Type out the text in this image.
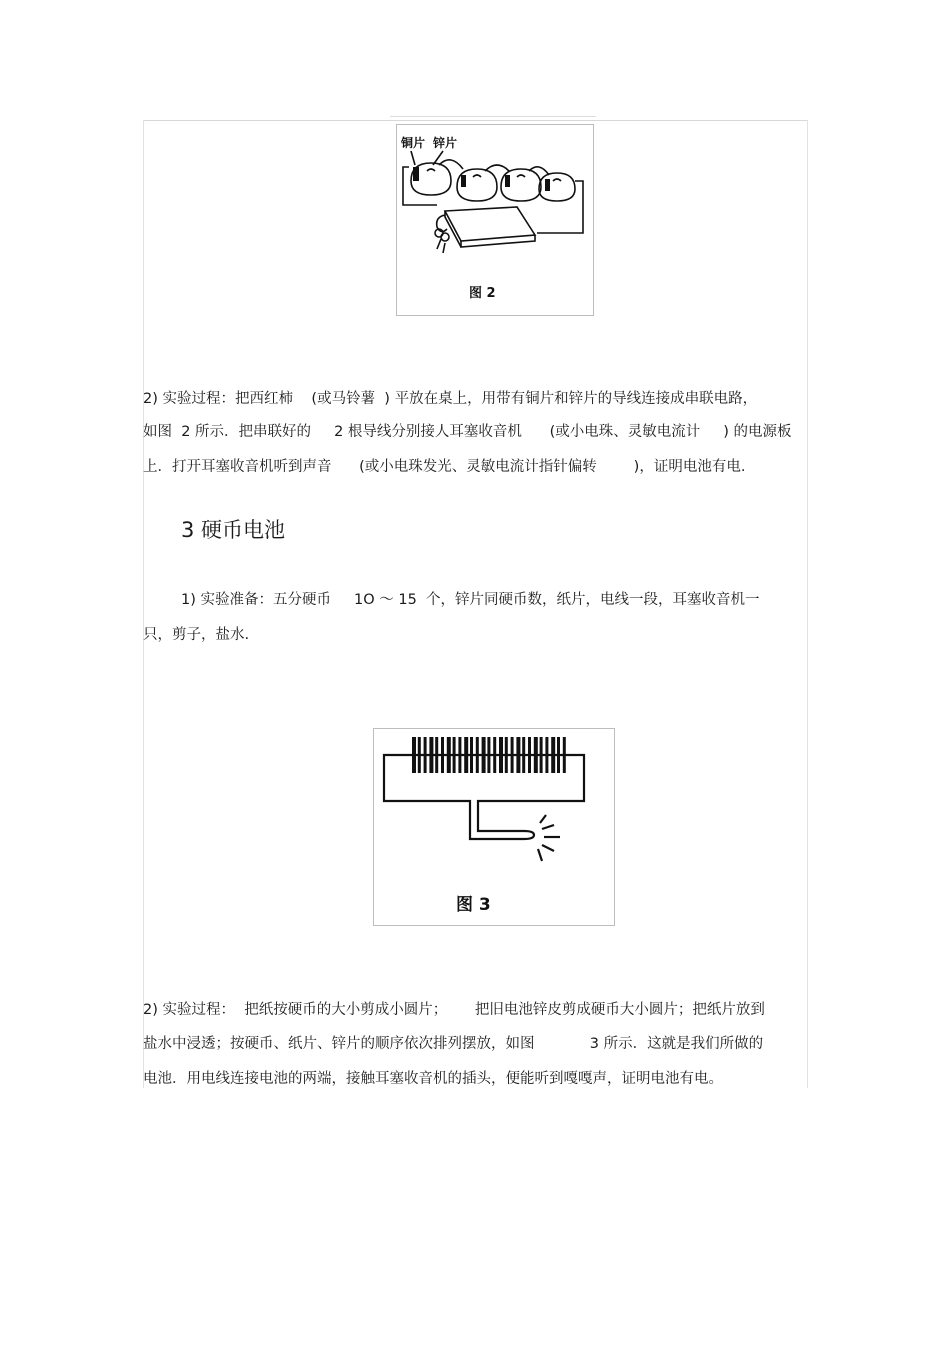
铜片 锌片
图 2
2) 实验过程：把西红柿    (或马铃薯  ) 平放在桌上，用带有铜片和锌片的导线连接成串联电路，
如图  2 所示．把串联好的     2 根导线分别接人耳塞收音机      (或小电珠、灵敏电流计     ) 的电源板
上．打开耳塞收音机听到声音      (或小电珠发光、灵敏电流计指针偏转        )，证明电池有电.
3 硬币电池
1) 实验准备：五分硬币     1O ～ 15  个，锌片同硬币数，纸片，电线一段，耳塞收音机一
只，剪子，盐水.
图 3
2) 实验过程：  把纸按硬币的大小剪成小圆片；      把旧电池锌皮剪成硬币大小圆片；把纸片放到
盐水中浸透；按硬币、纸片、锌片的顺序依次排列摆放，如图            3 所示．这就是我们所做的
电池．用电线连接电池的两端，接触耳塞收音机的插头，便能听到嘎嘎声，证明电池有电。
